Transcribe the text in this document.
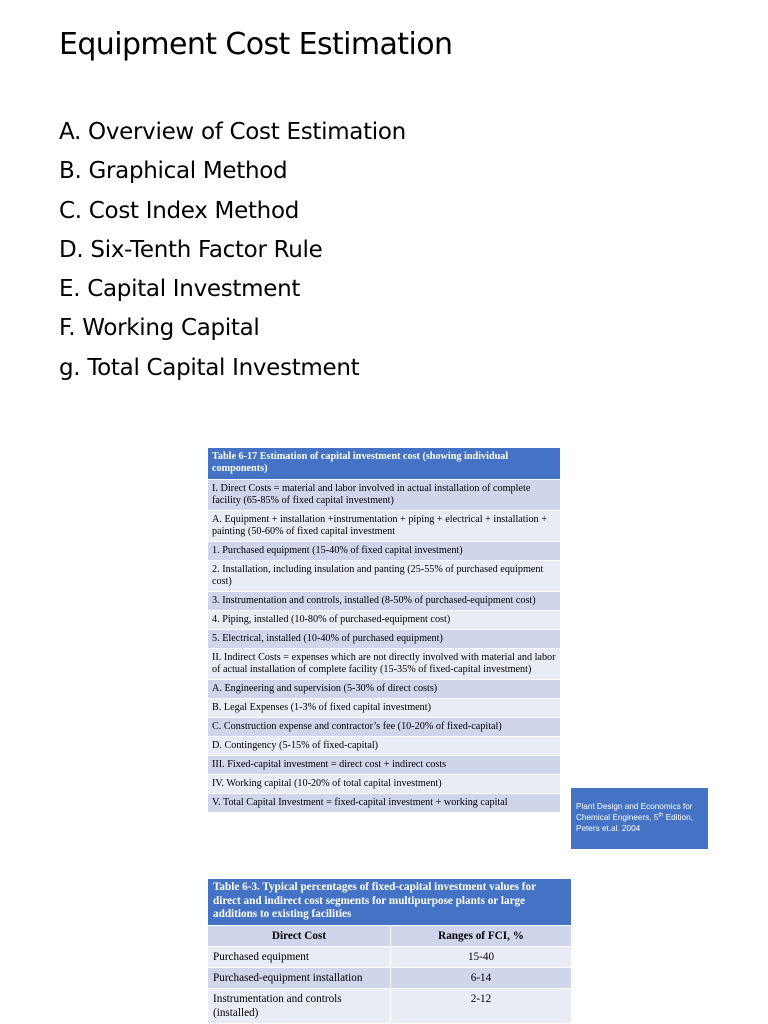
Equipment Cost Estimation
A. Overview of Cost Estimation
B. Graphical Method
C. Cost Index Method
D. Six-Tenth Factor Rule
E. Capital Investment
F. Working Capital
g. Total Capital Investment
Table 6-17 Estimation of capital investment cost (showing individual components)
I. Direct Costs = material and labor involved in actual installation of complete facility (65-85% of fixed capital investment)
A. Equipment + installation +instrumentation + piping + electrical + installation + painting (50-60% of fixed capital investment
1. Purchased equipment (15-40% of fixed capital investment)
2. Installation, including insulation and panting (25-55% of purchased equipment cost)
3. Instrumentation and controls, installed (8-50% of purchased-equipment cost)
4. Piping, installed (10-80% of purchased-equipment cost)
5. Electrical, installed (10-40% of purchased equipment)
II. Indirect Costs = expenses which are not directly involved with material and labor of actual installation of complete facility (15-35% of fixed-capital investment)
A. Engineering and supervision (5-30% of direct costs)
B. Legal Expenses (1-3% of fixed capital investment)
C. Construction expense and contractor’s fee (10-20% of fixed-capital)
D. Contingency (5-15% of fixed-capital)
III. Fixed-capital investment = direct cost + indirect costs
IV. Working capital (10-20% of total capital investment)
V. Total Capital Investment = fixed-capital investment + working capital	Plant Design and Economics for Chemical Engineers, 5th Edition, Peters et.al. 2004
Table 6-3. Typical percentages of fixed-capital investment values for direct and indirect cost segments for multipurpose plants or large additions to existing facilities	
Direct Cost	Ranges of FCI, %
Purchased equipment	15-40
Purchased-equipment installation	6-14
Instrumentation and controls (installed)	2-12
